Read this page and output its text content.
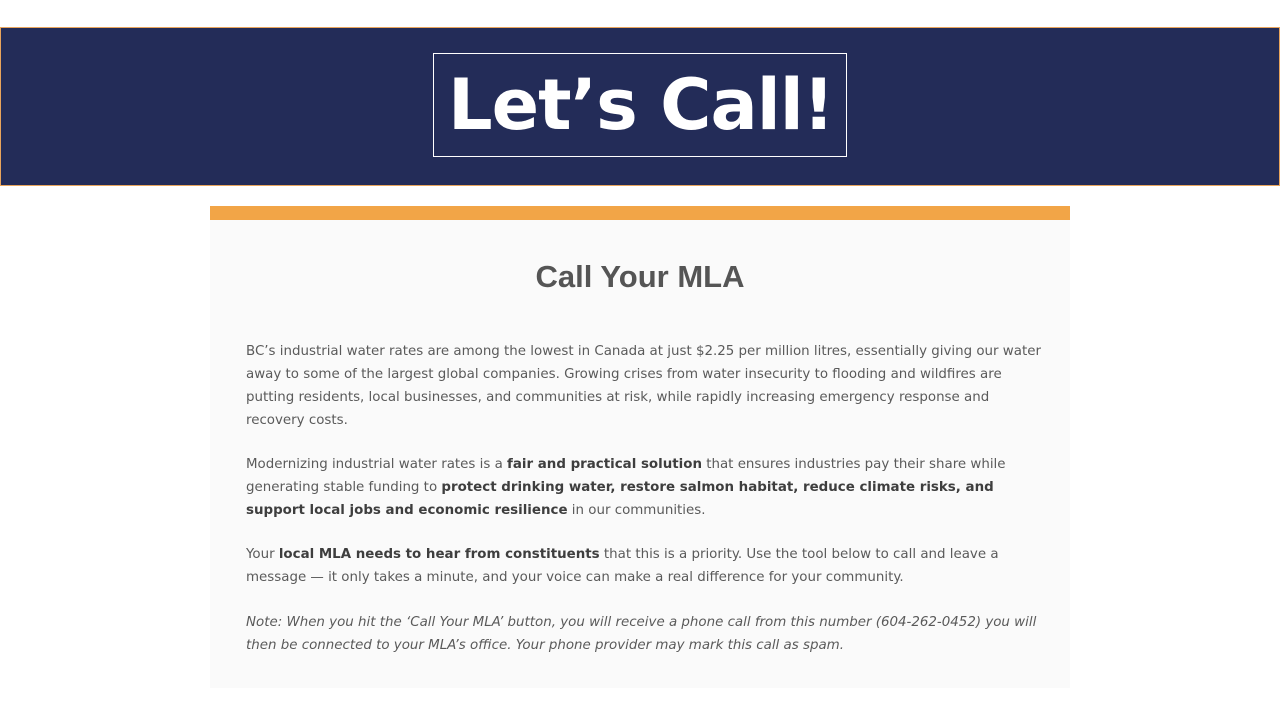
Let’s Call!
Call Your MLA

BC’s industrial water rates are among the lowest in Canada at just $2.25 per million litres, essentially giving our water away to some of the largest global companies. Growing crises from water insecurity to flooding and wildfires are putting residents, local businesses, and communities at risk, while rapidly increasing emergency response and recovery costs.

Modernizing industrial water rates is a fair and practical solution that ensures industries pay their share while generating stable funding to protect drinking water, restore salmon habitat, reduce climate risks, and support local jobs and economic resilience in our communities.

Your local MLA needs to hear from constituents that this is a priority. Use the tool below to call and leave a message — it only takes a minute, and your voice can make a real difference for your community.

Note: When you hit the ‘Call Your MLA’ button, you will receive a phone call from this number (604-262-0452) you will then be connected to your MLA’s office. Your phone provider may mark this call as spam.
